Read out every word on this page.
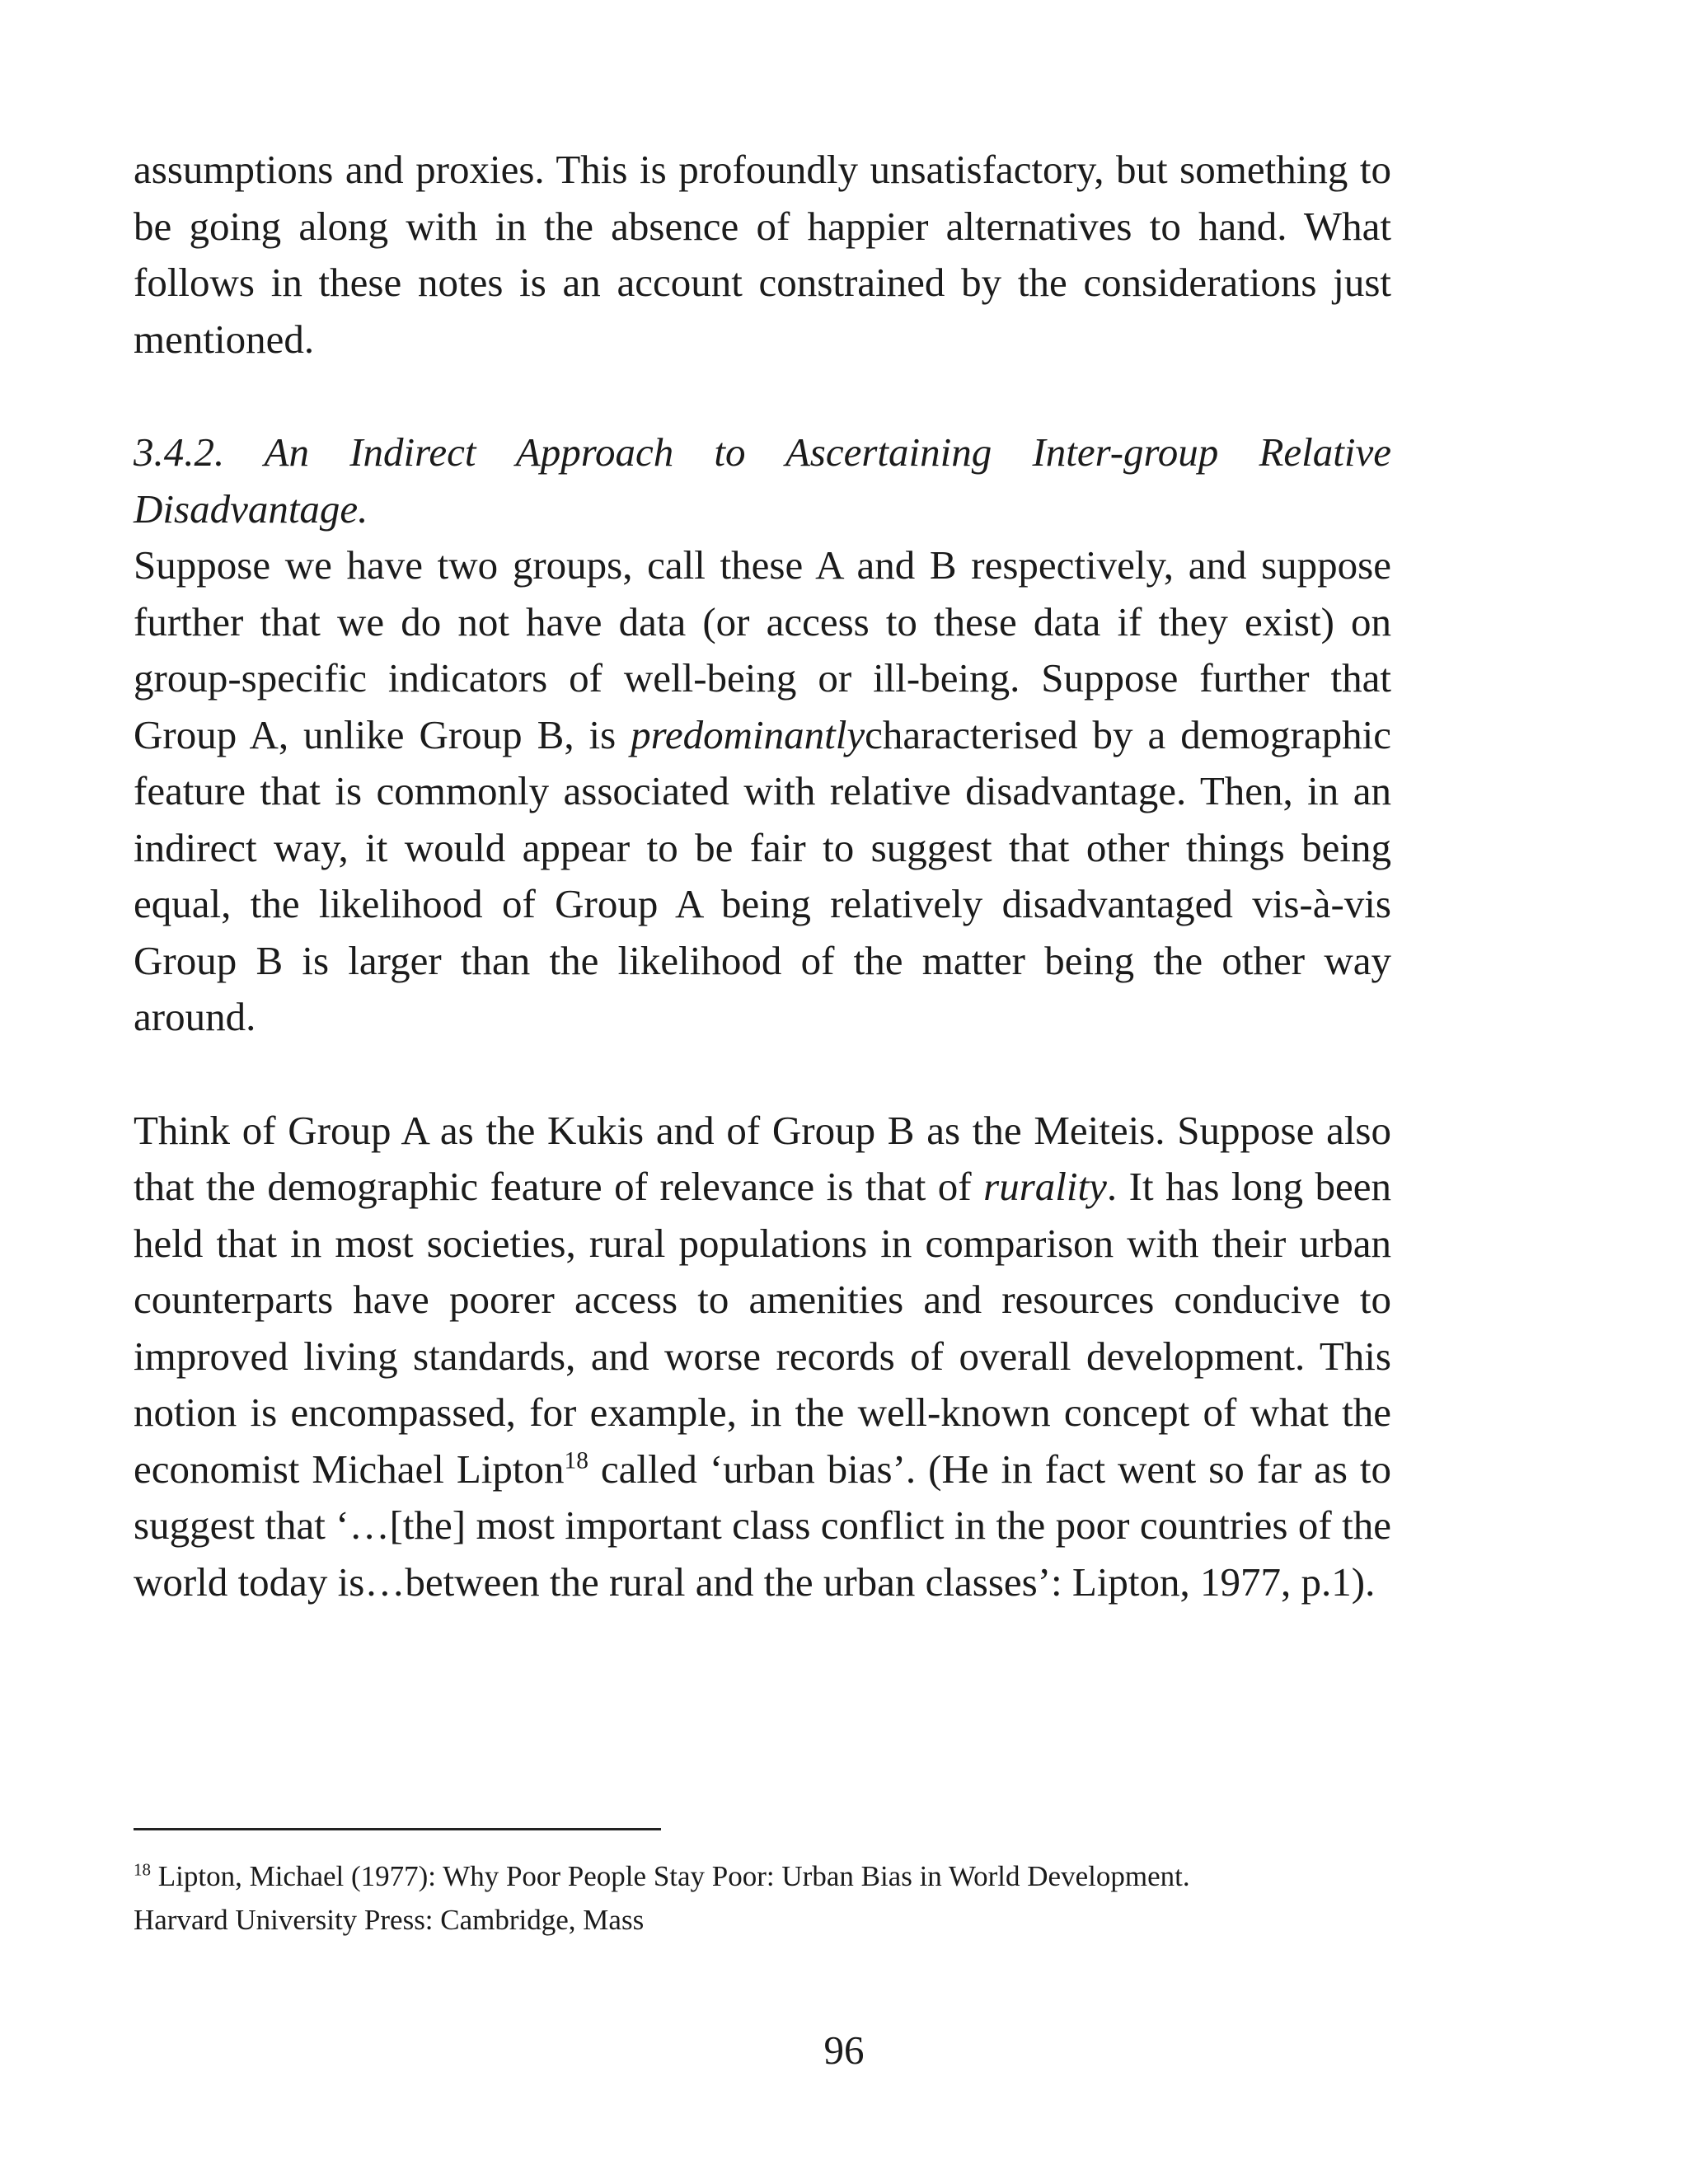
assumptions and proxies. This is profoundly unsatisfactory, but something to be going along with in the absence of happier alternatives to hand. What follows in these notes is an account constrained by the considerations just mentioned.

3.4.2. An Indirect Approach to Ascertaining Inter-group Relative Disadvantage.

Suppose we have two groups, call these A and B respectively, and suppose further that we do not have data (or access to these data if they exist) on group-specific indicators of well-being or ill-being. Suppose further that Group A, unlike Group B, is predominantlycharacterised by a demographic feature that is commonly associated with relative disadvantage. Then, in an indirect way, it would appear to be fair to suggest that other things being equal, the likelihood of Group A being relatively disadvantaged vis-à-vis Group B is larger than the likelihood of the matter being the other way around.

Think of Group A as the Kukis and of Group B as the Meiteis. Suppose also that the demographic feature of relevance is that of rurality. It has long been held that in most societies, rural populations in comparison with their urban counterparts have poorer access to amenities and resources conducive to improved living standards, and worse records of overall development. This notion is encompassed, for example, in the well-known concept of what the economist Michael Lipton$^{18}$ called ‘urban bias’. (He in fact went so far as to suggest that ‘…[the] most important class conflict in the poor countries of the world today is…between the rural and the urban classes’: Lipton, 1977, p.1).

$^{18}$ Lipton, Michael (1977): Why Poor People Stay Poor: Urban Bias in World Development.
Harvard University Press: Cambridge, Mass
96
